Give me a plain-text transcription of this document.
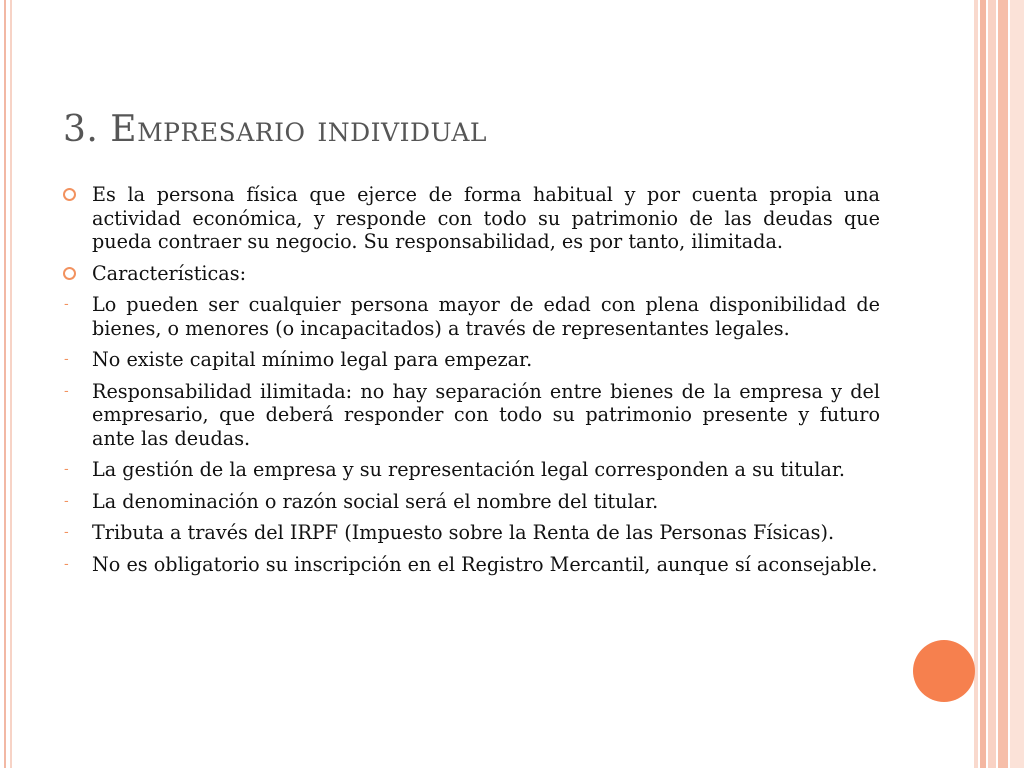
3. Empresario individual
Es la persona física que ejerce de forma habitual y por cuenta propia una actividad económica, y responde con todo su patrimonio de las deudas que pueda contraer su negocio. Su responsabilidad, es por tanto, ilimitada.
Características:
- Lo pueden ser cualquier persona mayor de edad con plena disponibilidad de bienes, o menores (o incapacitados) a través de representantes legales.
- No existe capital mínimo legal para empezar.
- Responsabilidad ilimitada: no hay separación entre bienes de la empresa y del empresario, que deberá responder con todo su patrimonio presente y futuro ante las deudas.
- La gestión de la empresa y su representación legal corresponden a su titular.
- La denominación o razón social será el nombre del titular.
- Tributa a través del IRPF (Impuesto sobre la Renta de las Personas Físicas).
- No es obligatorio su inscripción en el Registro Mercantil, aunque sí aconsejable.
